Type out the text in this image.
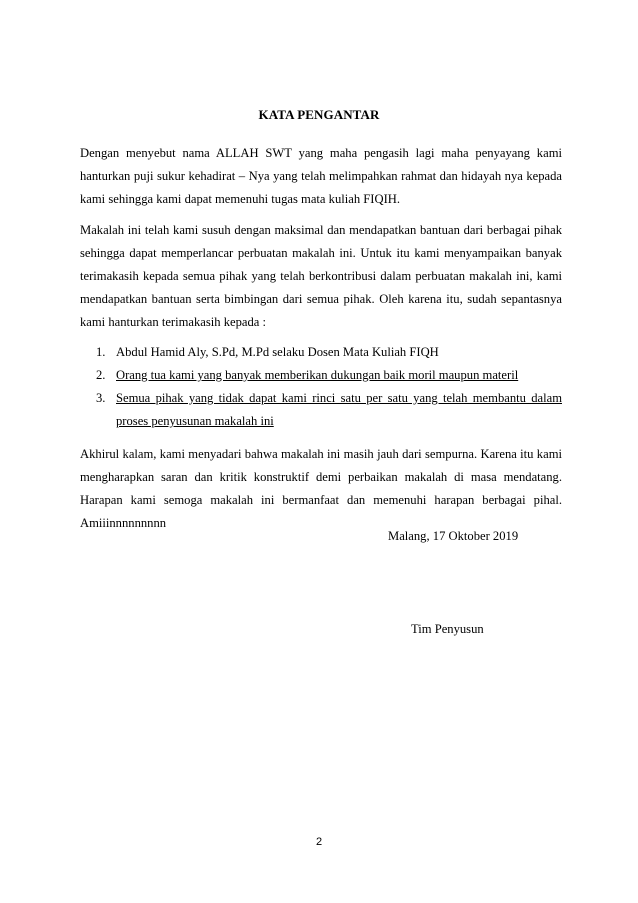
KATA PENGANTAR

Dengan menyebut nama ALLAH SWT yang maha pengasih lagi maha penyayang kami hanturkan puji sukur kehadirat – Nya yang telah melimpahkan rahmat dan hidayah nya kepada kami sehingga kami dapat memenuhi tugas mata kuliah FIQIH.

Makalah ini telah kami susuh dengan maksimal dan mendapatkan bantuan dari berbagai pihak sehingga dapat memperlancar perbuatan makalah ini. Untuk itu kami menyampaikan banyak terimakasih kepada semua pihak yang telah berkontribusi dalam perbuatan makalah ini, kami mendapatkan bantuan serta bimbingan dari semua pihak. Oleh karena itu, sudah sepantasnya kami hanturkan terimakasih kepada :

1. Abdul Hamid Aly, S.Pd, M.Pd selaku Dosen Mata Kuliah FIQH
2. Orang tua kami yang banyak memberikan dukungan baik moril maupun materil
3. Semua pihak yang tidak dapat kami rinci satu per satu yang telah membantu dalam proses penyusunan makalah ini

Akhirul kalam, kami menyadari bahwa makalah ini masih jauh dari sempurna. Karena itu kami mengharapkan saran dan kritik konstruktif demi perbaikan makalah di masa mendatang. Harapan kami semoga makalah ini bermanfaat dan memenuhi harapan berbagai pihal. Amiiinnnnnnnnn

Malang, 17 Oktober 2019
Tim Penyusun
2
